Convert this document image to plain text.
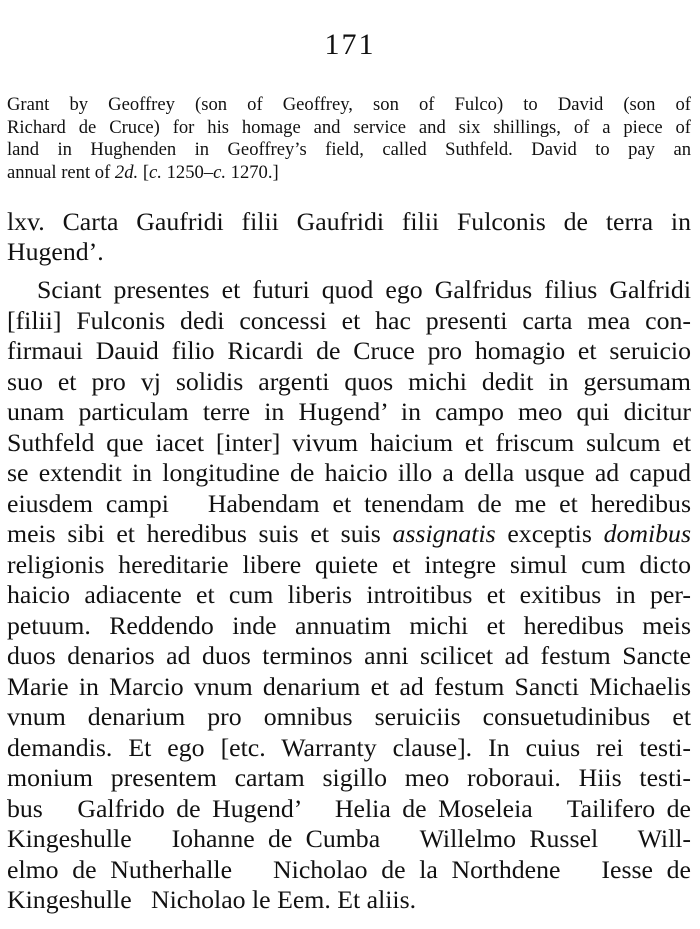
171
Grant by Geoffrey (son of Geoffrey, son of Fulco) to David (son of
Richard de Cruce) for his homage and service and six shillings, of a piece of
land in Hughenden in Geoffrey’s field, called Suthfeld. David to pay an
annual rent of 2d. [c. 1250–c. 1270.]
lxv. Carta Gaufridi filii Gaufridi filii Fulconis de terra in
Hugend’.
Sciant presentes et futuri quod ego Galfridus filius Galfridi
[filii] Fulconis dedi concessi et hac presenti carta mea con-
firmaui Dauid filio Ricardi de Cruce pro homagio et seruicio
suo et pro vj solidis argenti quos michi dedit in gersumam
unam particulam terre in Hugend’ in campo meo qui dicitur
Suthfeld que iacet [inter] vivum haicium et friscum sulcum et
se extendit in longitudine de haicio illo a della usque ad capud
eiusdem campi   Habendam et tenendam de me et heredibus
meis sibi et heredibus suis et suis assignatis exceptis domibus
religionis hereditarie libere quiete et integre simul cum dicto
haicio adiacente et cum liberis introitibus et exitibus in per-
petuum. Reddendo inde annuatim michi et heredibus meis
duos denarios ad duos terminos anni scilicet ad festum Sancte
Marie in Marcio vnum denarium et ad festum Sancti Michaelis
vnum denarium pro omnibus seruiciis consuetudinibus et
demandis. Et ego [etc. Warranty clause]. In cuius rei testi-
monium presentem cartam sigillo meo roboraui. Hiis testi-
bus   Galfrido de Hugend’   Helia de Moseleia   Tailifero de
Kingeshulle   Iohanne de Cumba   Willelmo Russel   Will-
elmo de Nutherhalle   Nicholao de la Northdene   Iesse de
Kingeshulle   Nicholao le Eem. Et aliis.
